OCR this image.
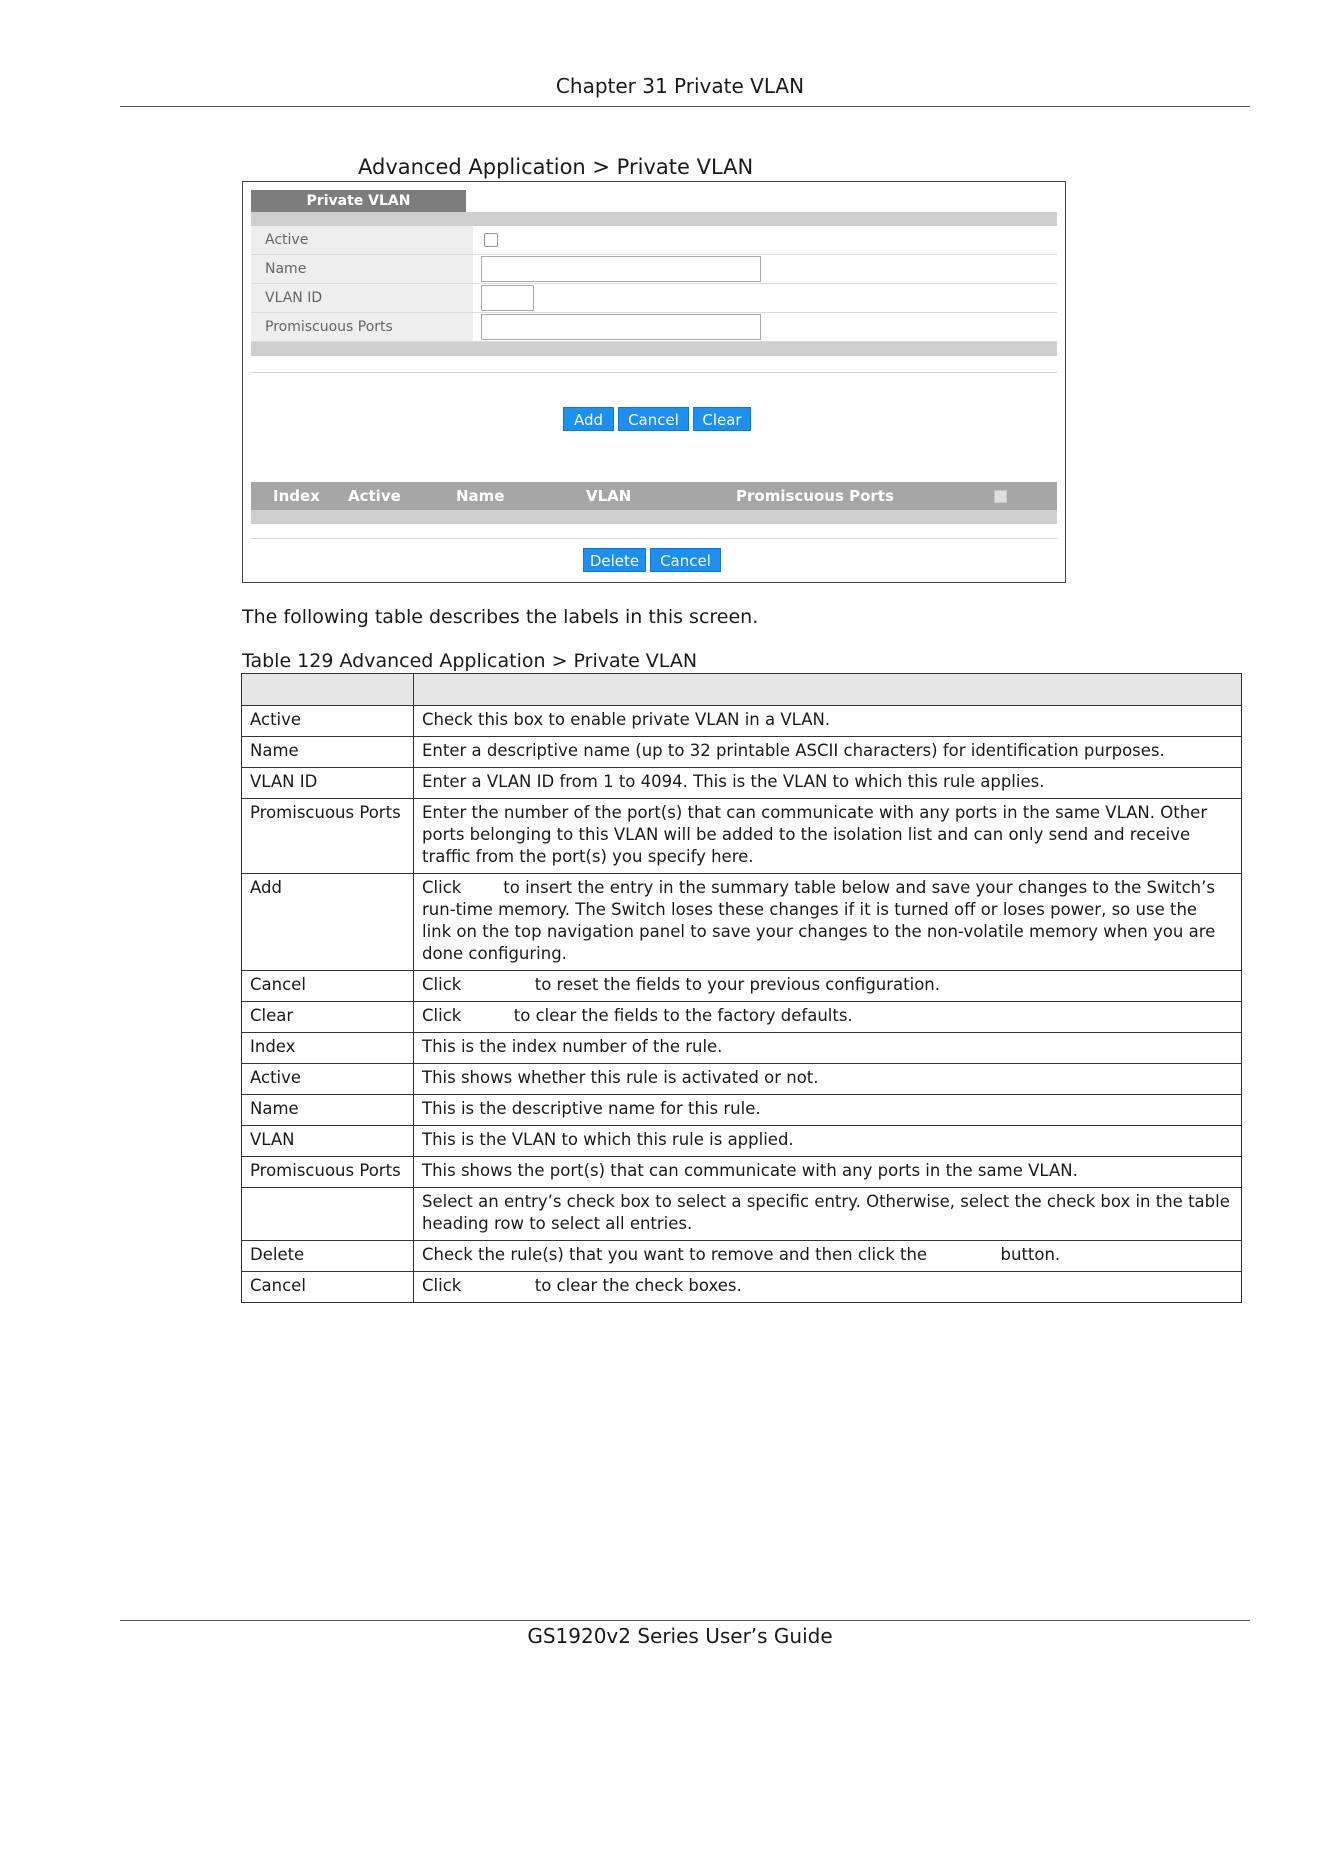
Chapter 31 Private VLAN
Advanced Application > Private VLAN
Private VLAN
Active
Name
VLAN ID
Promiscuous Ports
Add	Cancel	Clear
Index Active	Name	VLAN	Promiscuous Ports
Delete	Cancel
The following table describes the labels in this screen.
Table 129 Advanced Application > Private VLAN

Active	Check this box to enable private VLAN in a VLAN.
Name	Enter a descriptive name (up to 32 printable ASCII characters) for identification purposes.
VLAN ID	Enter a VLAN ID from 1 to 4094. This is the VLAN to which this rule applies.
Promiscuous Ports	Enter the number of the port(s) that can communicate with any ports in the same VLAN. Other ports belonging to this VLAN will be added to the isolation list and can only send and receive traffic from the port(s) you specify here.
Add	Click        to insert the entry in the summary table below and save your changes to the Switch’s run-time memory. The Switch loses these changes if it is turned off or loses power, so use the          link on the top navigation panel to save your changes to the non-volatile memory when you are done configuring.
Cancel	Click              to reset the fields to your previous configuration.
Clear	Click          to clear the fields to the factory defaults.
Index	This is the index number of the rule.
Active	This shows whether this rule is activated or not.
Name	This is the descriptive name for this rule.
VLAN	This is the VLAN to which this rule is applied.
Promiscuous Ports	This shows the port(s) that can communicate with any ports in the same VLAN.
	Select an entry’s check box to select a specific entry. Otherwise, select the check box in the table heading row to select all entries.
Delete	Check the rule(s) that you want to remove and then click the              button.
Cancel	Click              to clear the check boxes.
GS1920v2 Series User’s Guide
